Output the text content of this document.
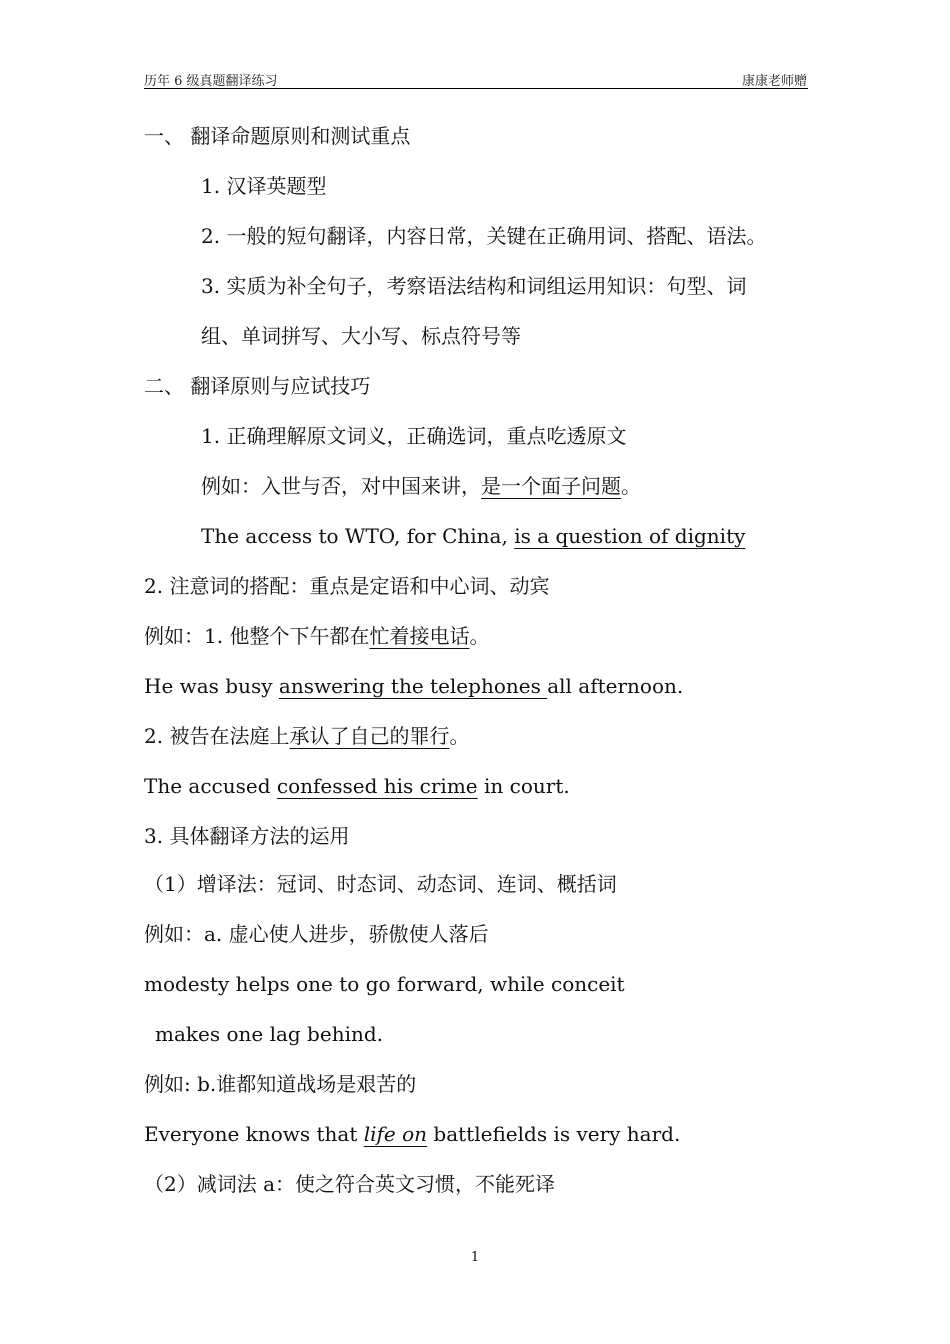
历年 6 级真题翻译练习	康康老师赠
一、 翻译命题原则和测试重点
1. 汉译英题型
2. 一般的短句翻译，内容日常，关键在正确用词、搭配、语法。
3. 实质为补全句子，考察语法结构和词组运用知识：句型、词
组、单词拼写、大小写、标点符号等
二、 翻译原则与应试技巧
1. 正确理解原文词义，正确选词，重点吃透原文
例如：入世与否，对中国来讲，是一个面子问题。
The access to WTO, for China, is a question of dignity
2. 注意词的搭配：重点是定语和中心词、动宾
例如：1. 他整个下午都在忙着接电话。
He was busy answering the telephones all afternoon.
2. 被告在法庭上承认了自己的罪行。
The accused confessed his crime in court.
3. 具体翻译方法的运用
（1）增译法：冠词、时态词、动态词、连词、概括词
例如：a. 虚心使人进步，骄傲使人落后
modesty helps one to go forward, while conceit
makes one lag behind.
例如: b.谁都知道战场是艰苦的
Everyone knows that life on battlefields is very hard.
（2）减词法 a：使之符合英文习惯，不能死译
1
